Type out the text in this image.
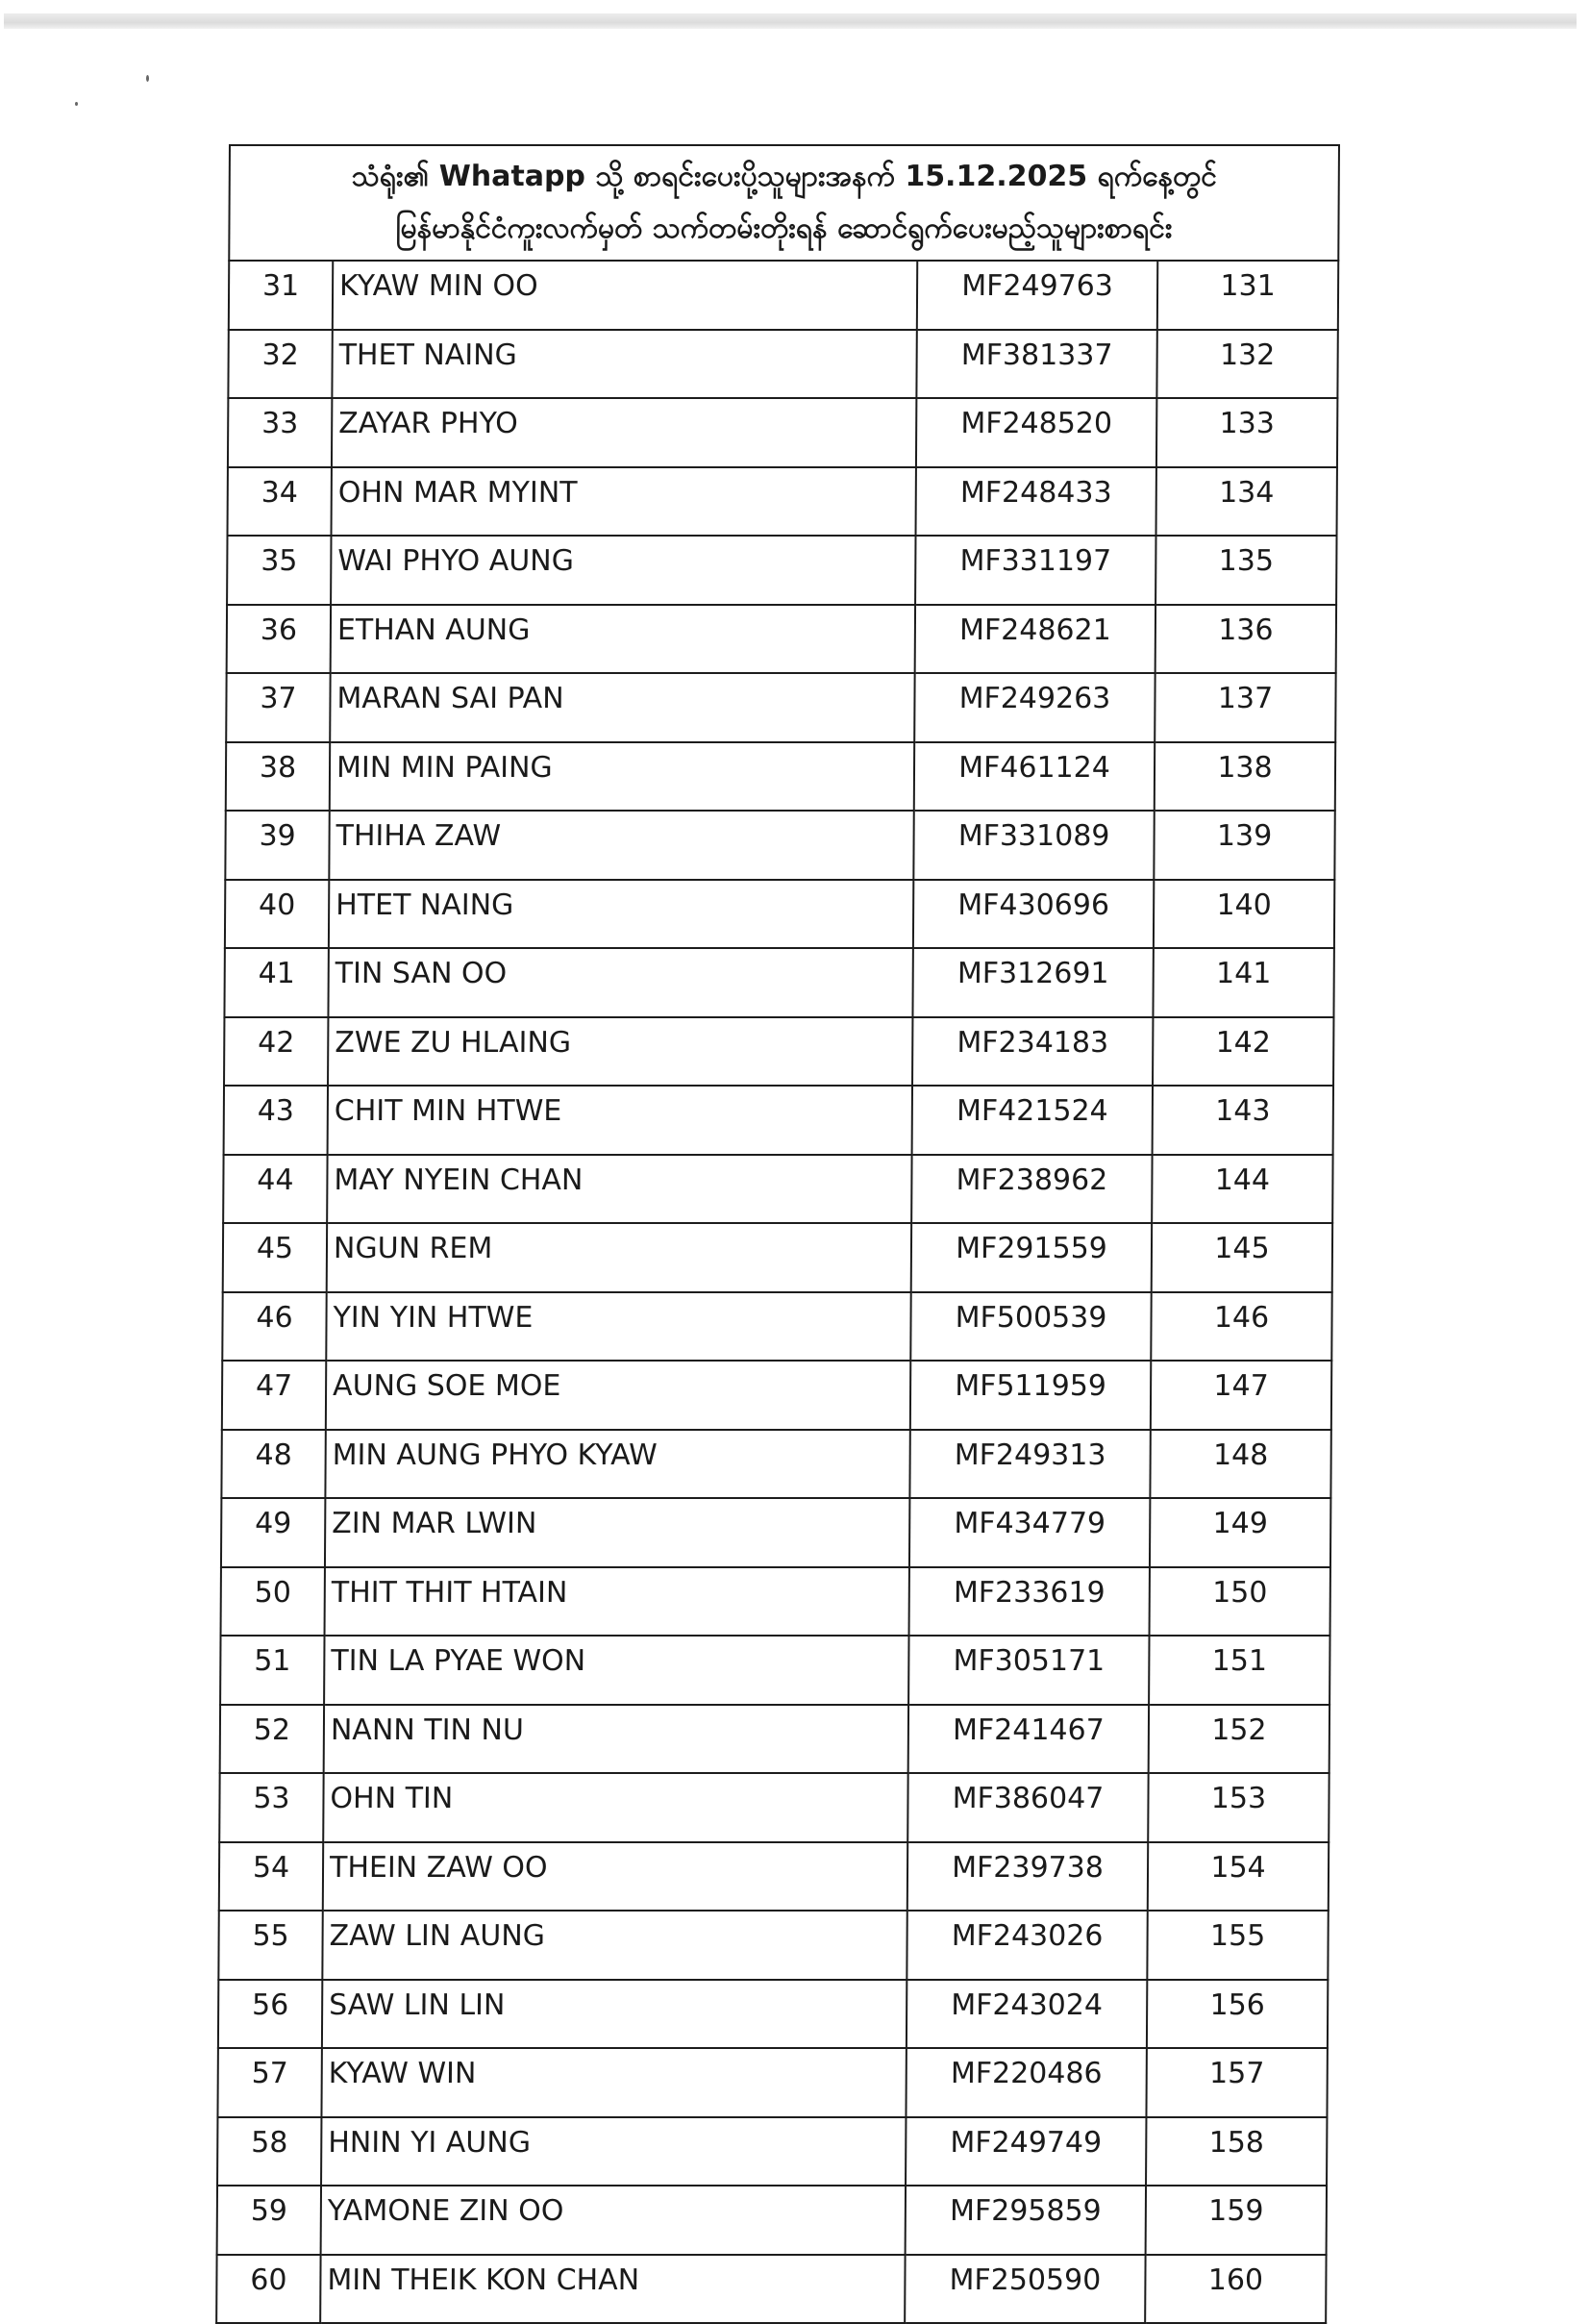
သံရုံး၏ Whatapp သို့ စာရင်းပေးပို့သူများအနက် 15.12.2025 ရက်နေ့တွင်
မြန်မာနိုင်ငံကူးလက်မှတ် သက်တမ်းတိုးရန် ဆောင်ရွက်ပေးမည့်သူများစာရင်း			

31	KYAW MIN OO	MF249763	131
32	THET NAING	MF381337	132
33	ZAYAR PHYO	MF248520	133
34	OHN MAR MYINT	MF248433	134
35	WAI PHYO AUNG	MF331197	135
36	ETHAN AUNG	MF248621	136
37	MARAN SAI PAN	MF249263	137
38	MIN MIN PAING	MF461124	138
39	THIHA ZAW	MF331089	139
40	HTET NAING	MF430696	140
41	TIN SAN OO	MF312691	141
42	ZWE ZU HLAING	MF234183	142
43	CHIT MIN HTWE	MF421524	143
44	MAY NYEIN CHAN	MF238962	144
45	NGUN REM	MF291559	145
46	YIN YIN HTWE	MF500539	146
47	AUNG SOE MOE	MF511959	147
48	MIN AUNG PHYO KYAW	MF249313	148
49	ZIN MAR LWIN	MF434779	149
50	THIT THIT HTAIN	MF233619	150
51	TIN LA PYAE WON	MF305171	151
52	NANN TIN NU	MF241467	152
53	OHN TIN	MF386047	153
54	THEIN ZAW OO	MF239738	154
55	ZAW LIN AUNG	MF243026	155
56	SAW LIN LIN	MF243024	156
57	KYAW WIN	MF220486	157
58	HNIN YI AUNG	MF249749	158
59	YAMONE ZIN OO	MF295859	159
60	MIN THEIK KON CHAN	MF250590	160
